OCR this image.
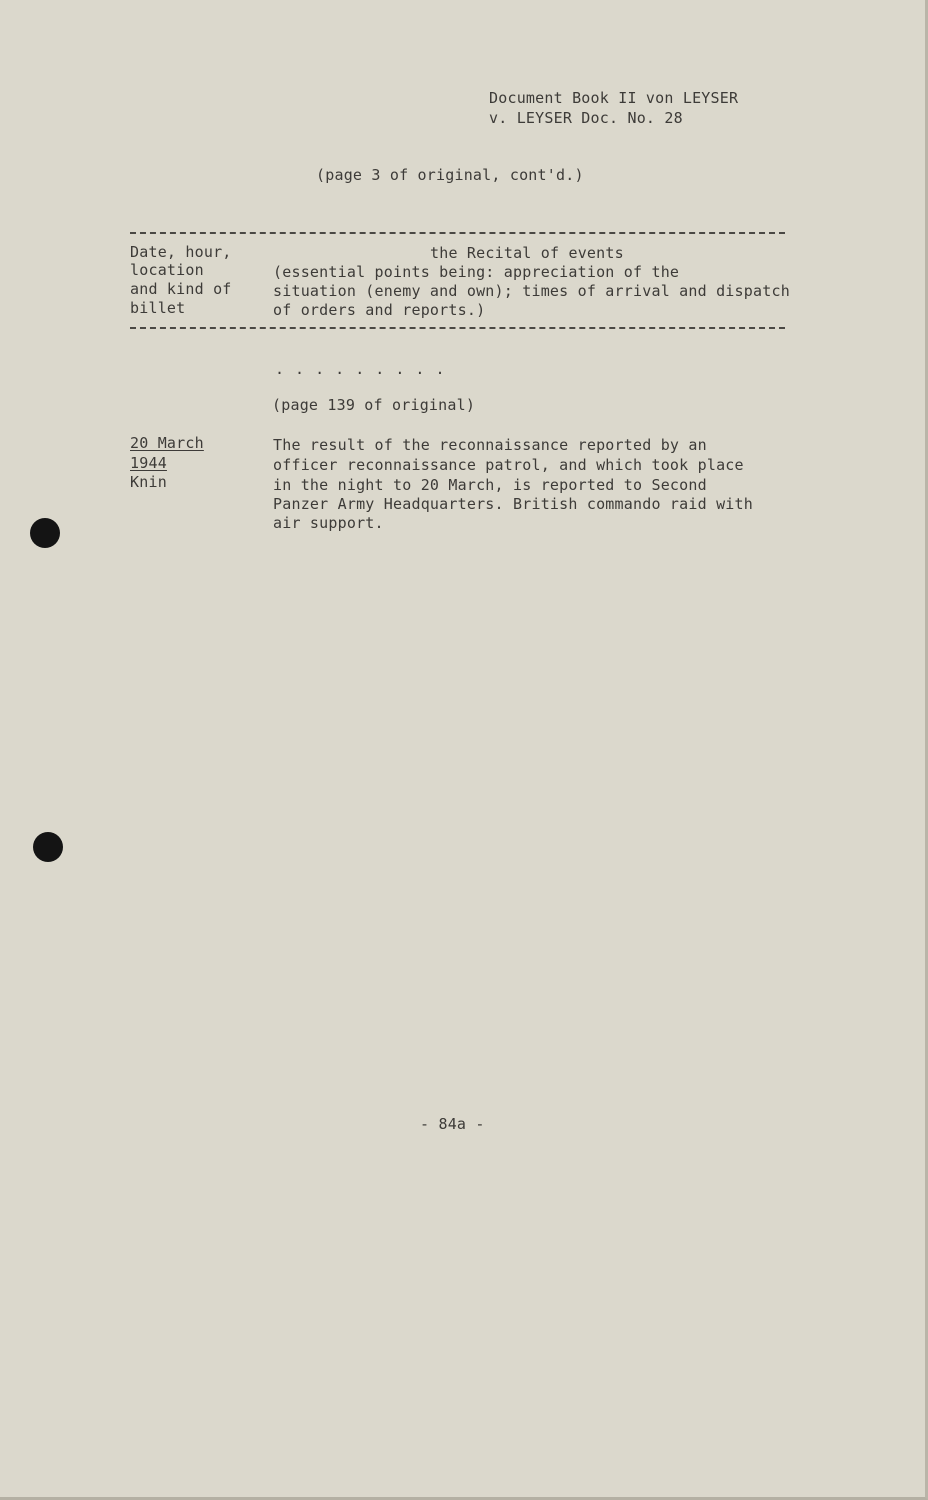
Document Book II von LEYSER
v. LEYSER Doc. No. 28
(page 3 of original, cont'd.)
Date, hour,
location
and kind of
billet
the Recital of events
(essential points being: appreciation of the
situation (enemy and own); times of arrival and dispatch
of orders and reports.)
. . . . . . . . .
(page 139 of original)
20 March
1944
Knin
The result of the reconnaissance reported by an
officer reconnaissance patrol, and which took place
in the night to 20 March, is reported to Second
Panzer Army Headquarters. British commando raid with
air support.
- 84a -
